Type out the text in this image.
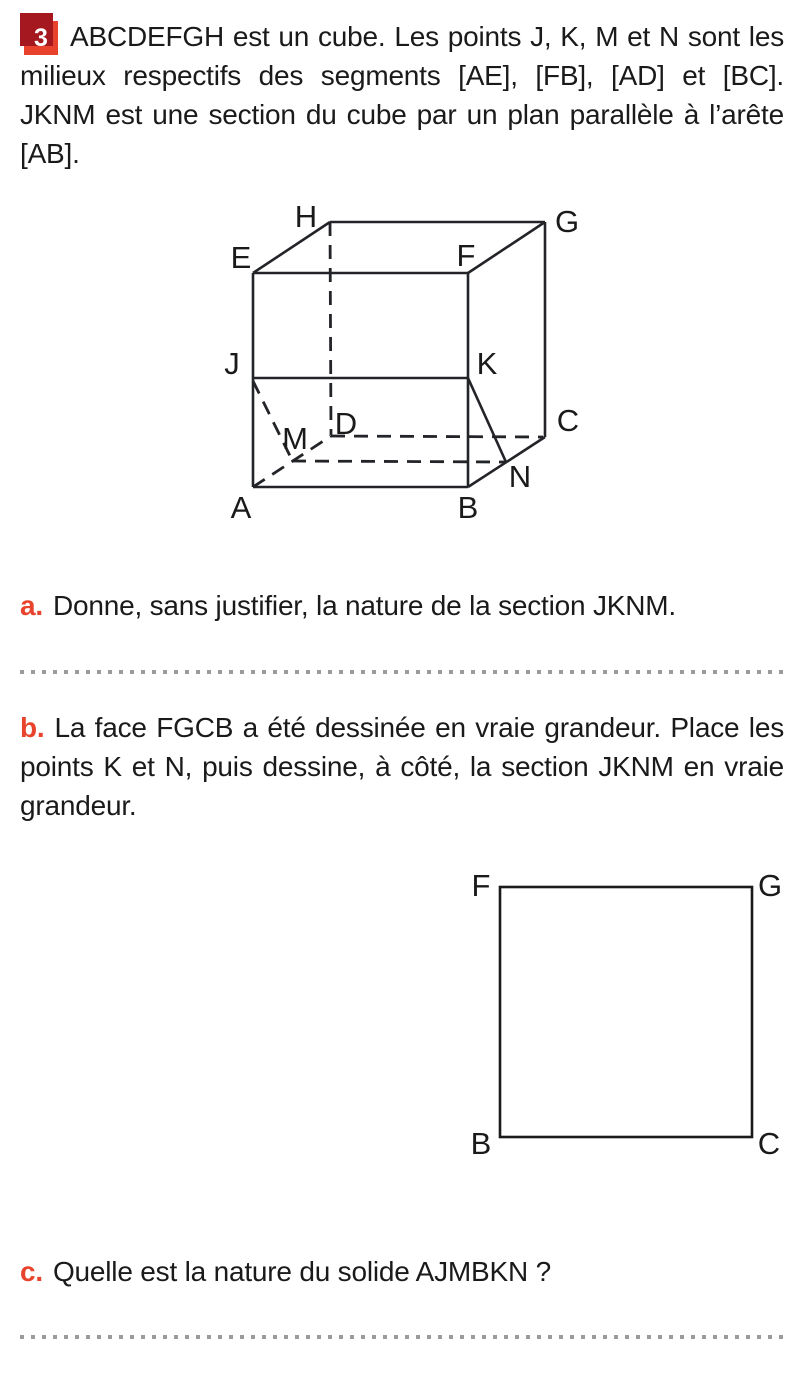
3 ABCDEFGH est un cube. Les points J, K, M et N sont les milieux respectifs des segments [AE], [FB], [AD] et [BC]. JKNM est une section du cube par un plan parallèle à l’arête [AB].

H	G
E	F
J	K
D	C
M
N
A	B

a. Donne, sans justifier, la nature de la section JKNM.

b. La face FGCB a été dessinée en vraie grandeur. Place les points K et N, puis dessine, à côté, la section JKNM en vraie grandeur.

F	G
B	C

c. Quelle est la nature du solide AJMBKN ?
